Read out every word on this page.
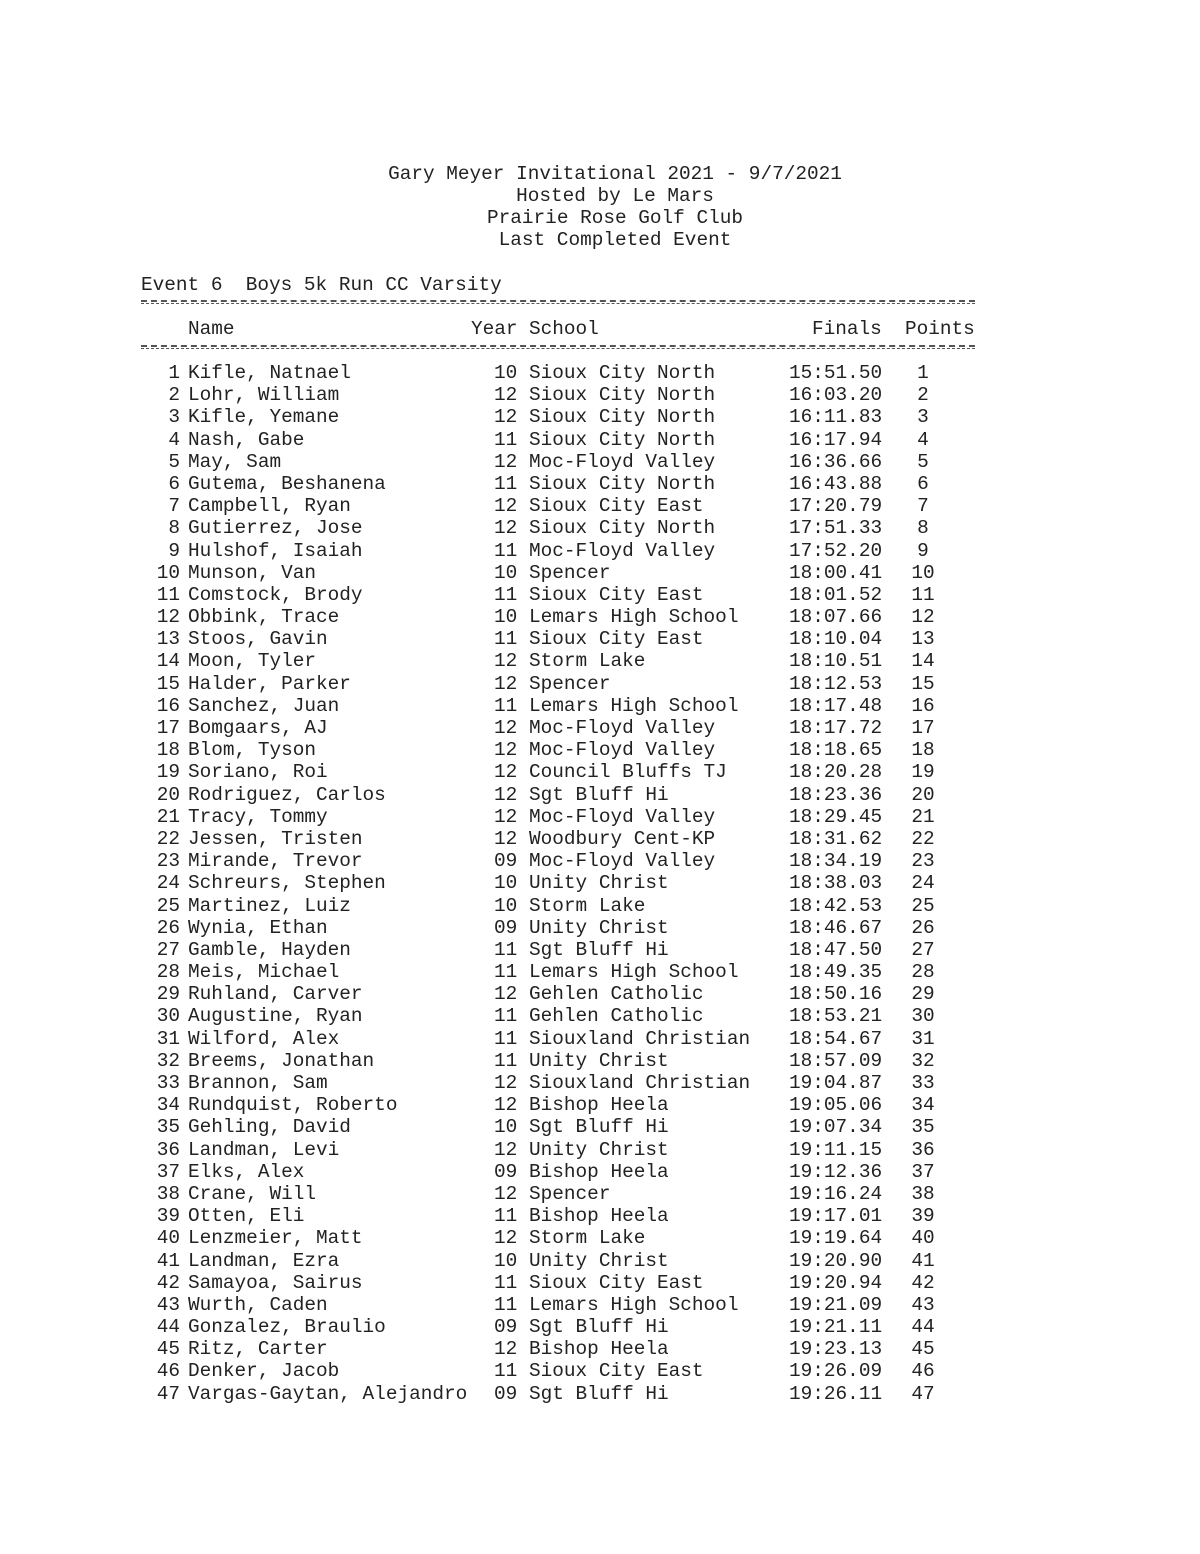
Gary Meyer Invitational 2021 - 9/7/2021
Hosted by Le Mars
Prairie Rose Golf Club
Last Completed Event
Event 6  Boys 5k Run CC Varsity
Name	Year School	Finals Points
1 Kifle, Natnael	10 Sioux City North	15:51.50	1
2 Lohr, William	12 Sioux City North	16:03.20	2
3 Kifle, Yemane	12 Sioux City North	16:11.83	3
4 Nash, Gabe	11 Sioux City North	16:17.94	4
5 May, Sam	12 Moc-Floyd Valley	16:36.66	5
6 Gutema, Beshanena	11 Sioux City North	16:43.88	6
7 Campbell, Ryan	12 Sioux City East	17:20.79	7
8 Gutierrez, Jose	12 Sioux City North	17:51.33	8
9 Hulshof, Isaiah	11 Moc-Floyd Valley	17:52.20	9
10 Munson, Van	10 Spencer	18:00.41	10
11 Comstock, Brody	11 Sioux City East	18:01.52	11
12 Obbink, Trace	10 Lemars High School	18:07.66	12
13 Stoos, Gavin	11 Sioux City East	18:10.04	13
14 Moon, Tyler	12 Storm Lake	18:10.51	14
15 Halder, Parker	12 Spencer	18:12.53	15
16 Sanchez, Juan	11 Lemars High School	18:17.48	16
17 Bomgaars, AJ	12 Moc-Floyd Valley	18:17.72	17
18 Blom, Tyson	12 Moc-Floyd Valley	18:18.65	18
19 Soriano, Roi	12 Council Bluffs TJ	18:20.28	19
20 Rodriguez, Carlos	12 Sgt Bluff Hi	18:23.36	20
21 Tracy, Tommy	12 Moc-Floyd Valley	18:29.45	21
22 Jessen, Tristen	12 Woodbury Cent-KP	18:31.62	22
23 Mirande, Trevor	09 Moc-Floyd Valley	18:34.19	23
24 Schreurs, Stephen	10 Unity Christ	18:38.03	24
25 Martinez, Luiz	10 Storm Lake	18:42.53	25
26 Wynia, Ethan	09 Unity Christ	18:46.67	26
27 Gamble, Hayden	11 Sgt Bluff Hi	18:47.50	27
28 Meis, Michael	11 Lemars High School	18:49.35	28
29 Ruhland, Carver	12 Gehlen Catholic	18:50.16	29
30 Augustine, Ryan	11 Gehlen Catholic	18:53.21	30
31 Wilford, Alex	11 Siouxland Christian 18:54.67	31
32 Breems, Jonathan	11 Unity Christ	18:57.09	32
33 Brannon, Sam	12 Siouxland Christian 19:04.87	33
34 Rundquist, Roberto	12 Bishop Heela	19:05.06	34
35 Gehling, David	10 Sgt Bluff Hi	19:07.34	35
36 Landman, Levi	12 Unity Christ	19:11.15	36
37 Elks, Alex	09 Bishop Heela	19:12.36	37
38 Crane, Will	12 Spencer	19:16.24	38
39 Otten, Eli	11 Bishop Heela	19:17.01	39
40 Lenzmeier, Matt	12 Storm Lake	19:19.64	40
41 Landman, Ezra	10 Unity Christ	19:20.90	41
42 Samayoa, Sairus	11 Sioux City East	19:20.94	42
43 Wurth, Caden	11 Lemars High School	19:21.09	43
44 Gonzalez, Braulio	09 Sgt Bluff Hi	19:21.11	44
45 Ritz, Carter	12 Bishop Heela	19:23.13	45
46 Denker, Jacob	11 Sioux City East	19:26.09	46
47 Vargas-Gaytan, Alejandro 09 Sgt Bluff Hi	19:26.11	47
